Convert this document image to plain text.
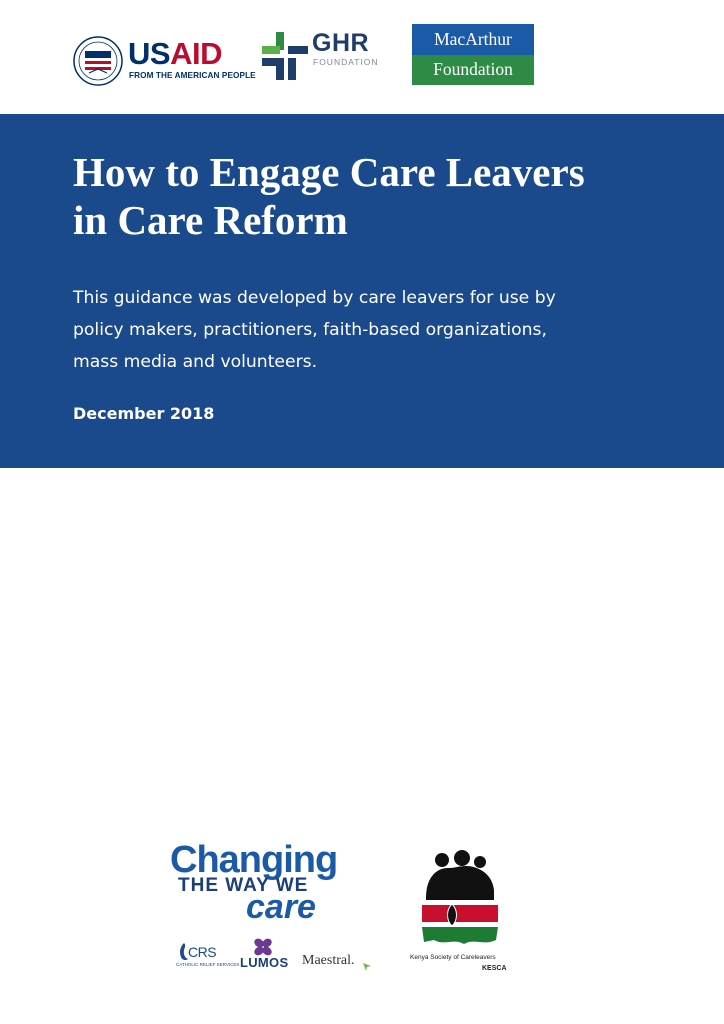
USAID
FROM THE AMERICAN PEOPLE
GHR
FOUNDATION
MacArthur
Foundation
How to Engage Care Leavers
in Care Reform

This guidance was developed by care leavers for use by
policy makers, practitioners, faith-based organizations,
mass media and volunteers.

December 2018

Changing
THE WAY WE
care
CRS
CATHOLIC RELIEF SERVICES LUMOS Maestral.	Kenya Society of Careleavers
KESCA
